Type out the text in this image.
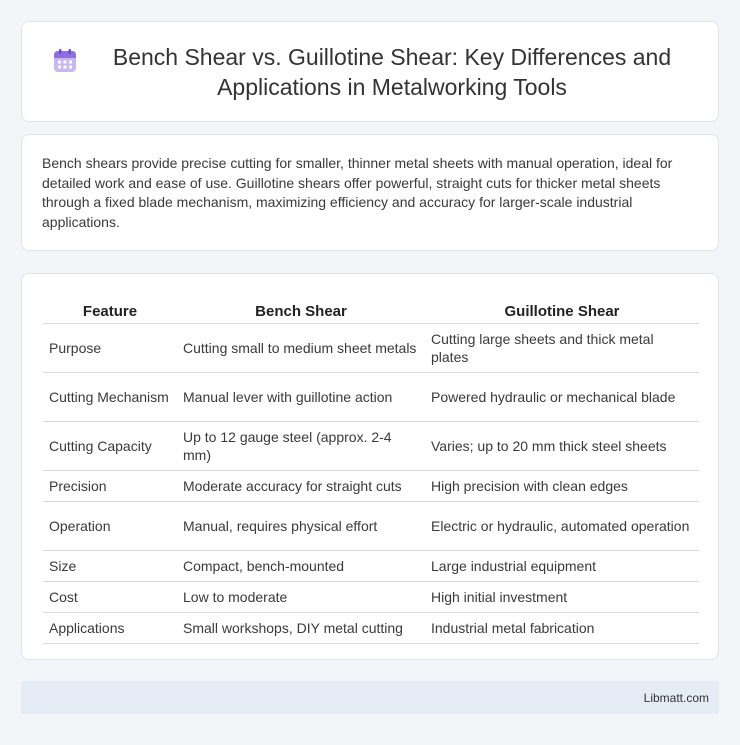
Bench Shear vs. Guillotine Shear: Key Differences and Applications in Metalworking Tools

Bench shears provide precise cutting for smaller, thinner metal sheets with manual operation, ideal for detailed work and ease of use. Guillotine shears offer powerful, straight cuts for thicker metal sheets through a fixed blade mechanism, maximizing efficiency and accuracy for larger-scale industrial applications.

Feature	Bench Shear	Guillotine Shear
Purpose	Cutting small to medium sheet metals	Cutting large sheets and thick metal plates
Cutting Mechanism	Manual lever with guillotine action	Powered hydraulic or mechanical blade
Cutting Capacity	Up to 12 gauge steel (approx. 2-4 mm)	Varies; up to 20 mm thick steel sheets
Precision	Moderate accuracy for straight cuts	High precision with clean edges
Operation	Manual, requires physical effort	Electric or hydraulic, automated operation
Size	Compact, bench-mounted	Large industrial equipment
Cost	Low to moderate	High initial investment
Applications	Small workshops, DIY metal cutting	Industrial metal fabrication
Libmatt.com
